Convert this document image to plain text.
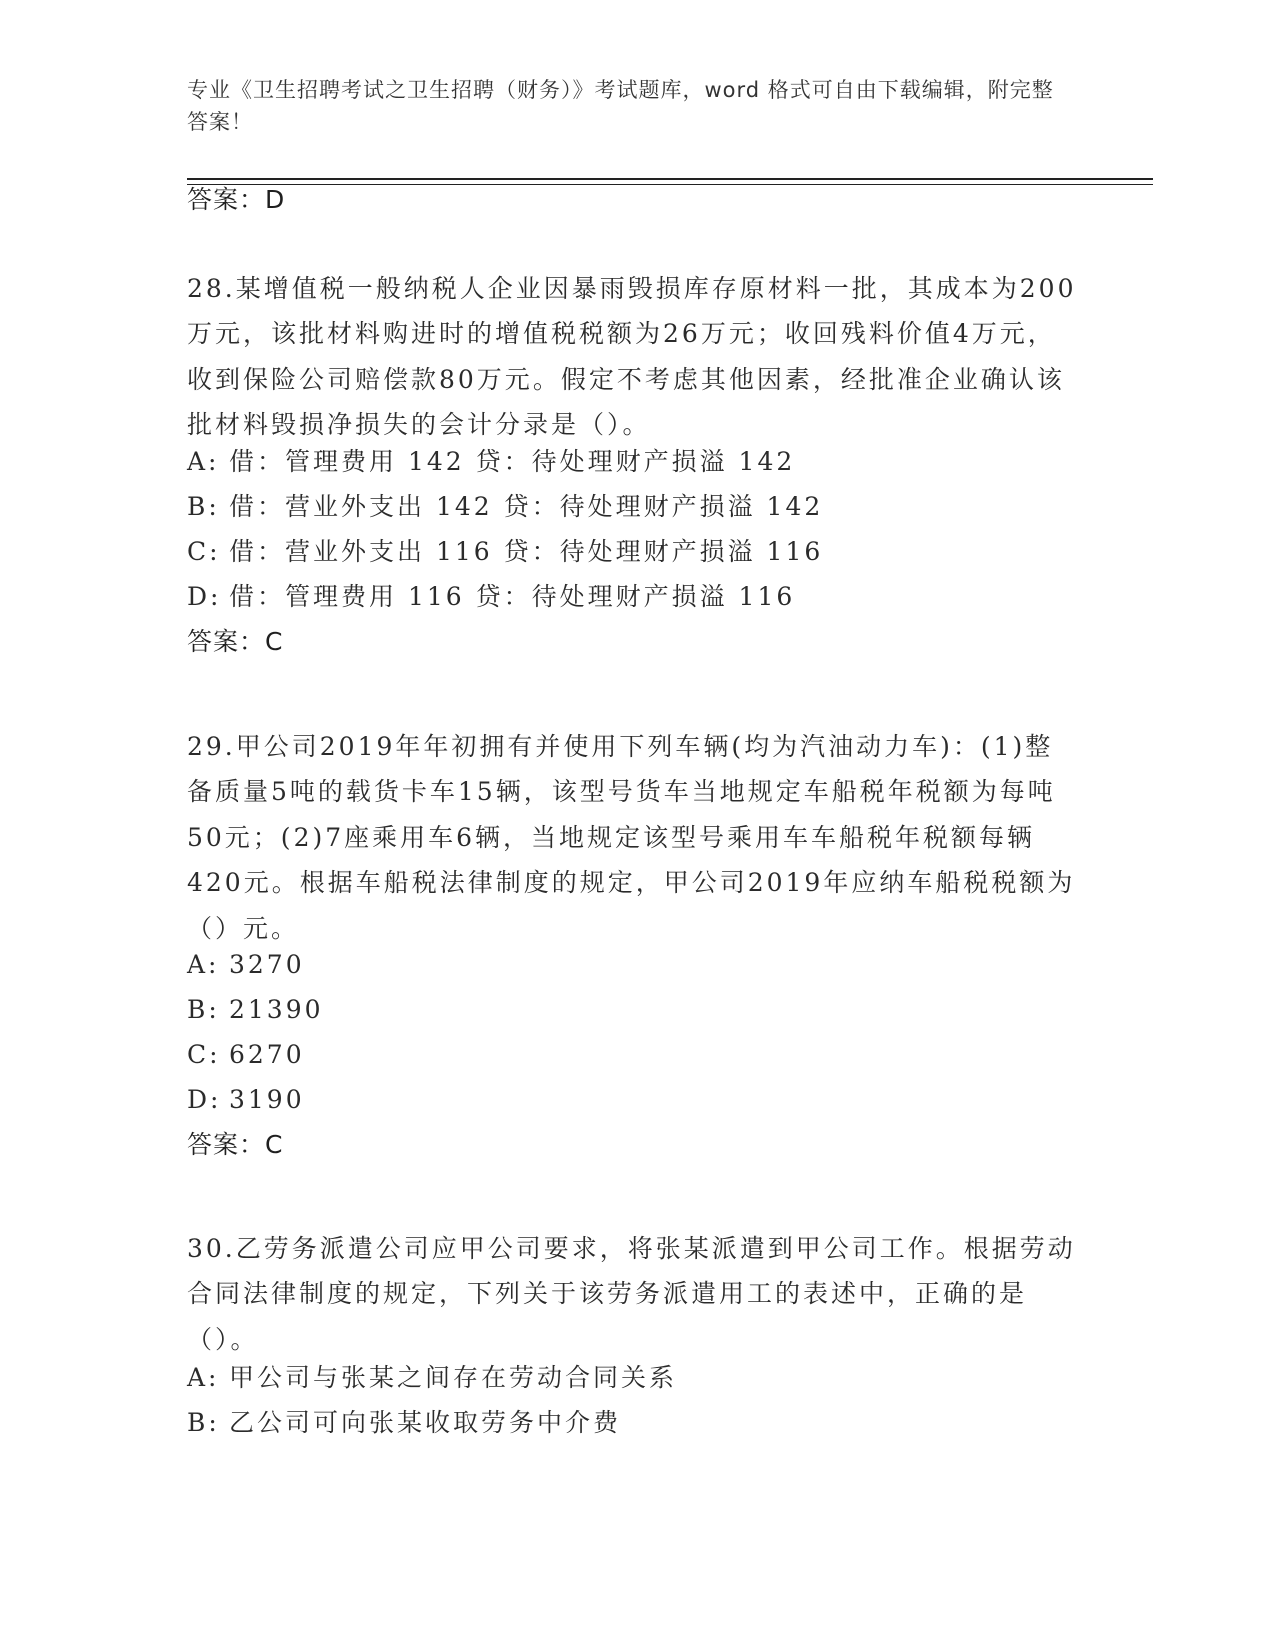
专业《卫生招聘考试之卫生招聘（财务）》考试题库，word 格式可自由下载编辑，附完整答案！
答案：D
28.某增值税一般纳税人企业因暴雨毁损库存原材料一批，其成本为200万元，该批材料购进时的增值税税额为26万元；收回残料价值4万元，收到保险公司赔偿款80万元。假定不考虑其他因素，经批准企业确认该批材料毁损净损失的会计分录是（）。
A: 借：管理费用 142 贷：待处理财产损溢 142
B: 借：营业外支出 142 贷：待处理财产损溢 142
C: 借：营业外支出 116 贷：待处理财产损溢 116
D: 借：管理费用 116 贷：待处理财产损溢 116
答案：C
29.甲公司2019年年初拥有并使用下列车辆(均为汽油动力车)：(1)整备质量5吨的载货卡车15辆，该型号货车当地规定车船税年税额为每吨50元；(2)7座乘用车6辆，当地规定该型号乘用车车船税年税额每辆420元。根据车船税法律制度的规定，甲公司2019年应纳车船税税额为（）元。
A: 3270
B: 21390
C: 6270
D: 3190
答案：C
30.乙劳务派遣公司应甲公司要求，将张某派遣到甲公司工作。根据劳动合同法律制度的规定，下列关于该劳务派遣用工的表述中，正确的是（）。
A: 甲公司与张某之间存在劳动合同关系
B: 乙公司可向张某收取劳务中介费
